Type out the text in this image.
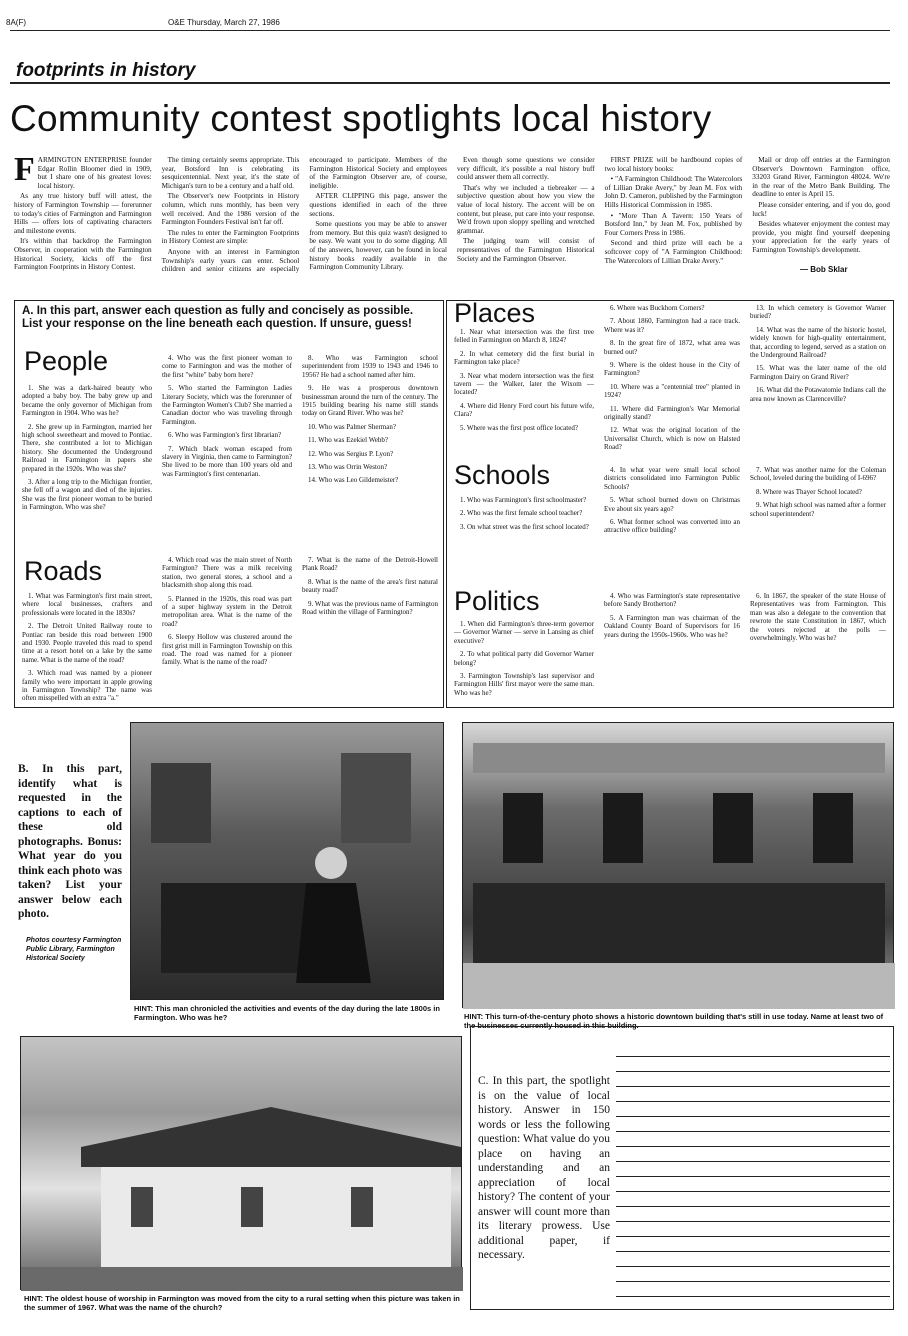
8A(F)	O&E Thursday, March 27, 1986
footprints in history
Community contest spotlights local history

FARMINGTON ENTERPRISE founder Edgar Rollin Bloomer died in 1909, but I share one of his greatest loves: local history.

As any true history buff will attest, the history of Farmington Township — forerunner to today's cities of Farmington and Farmington Hills — offers lots of captivating characters and milestone events.

It's within that backdrop the Farmington Observer, in cooperation with the Farmington Historical Society, kicks off the first Farmington Footprints in History Contest.

The timing certainly seems appropriate. This year, Botsford Inn is celebrating its sesquicentennial. Next year, it's the state of Michigan's turn to be a century and a half old.

The Observer's new Footprints in History column, which runs monthly, has been very well received. And the 1986 version of the Farmington Founders Festival isn't far off.

The rules to enter the Farmington Footprints in History Contest are simple:

Anyone with an interest in Farmington Township's early years can enter. School children and senior citizens are especially encouraged to participate. Members of the Farmington Historical Society and employees of the Farmington Observer are, of course, ineligible.

AFTER CLIPPING this page, answer the questions identified in each of the three sections.

Some questions you may be able to answer from memory. But this quiz wasn't designed to be easy. We want you to do some digging. All of the answers, however, can be found in local history books readily available in the Farmington Community Library.

Even though some questions we consider very difficult, it's possible a real history buff could answer them all correctly.

That's why we included a tiebreaker — a subjective question about how you view the value of local history. The accent will be on content, but please, put care into your response. We'd frown upon sloppy spelling and wretched grammar.

The judging team will consist of representatives of the Farmington Historical Society and the Farmington Observer.

FIRST PRIZE will be hardbound copies of two local history books:

• "A Farmington Childhood: The Watercolors of Lillian Drake Avery," by Jean M. Fox with John D. Cameron, published by the Farmington Hills Historical Commission in 1985.

• "More Than A Tavern: 150 Years of Botsford Inn," by Jean M. Fox, published by Four Corners Press in 1986.

Second and third prize will each be a softcover copy of "A Farmington Childhood: The Watercolors of Lillian Drake Avery."

Mail or drop off entries at the Farmington Observer's Downtown Farmington office, 33203 Grand River, Farmington 48024. We're in the rear of the Metro Bank Building. The deadline to enter is April 15.

Please consider entering, and if you do, good luck!

Besides whatever enjoyment the contest may provide, you might find yourself deepening your appreciation for the early years of Farmington Township's development.

— Bob Sklar
A. In this part, answer each question as fully and concisely as possible. List your response on the line beneath each question. If unsure, guess!
People

1. She was a dark-haired beauty who adopted a baby boy. The baby grew up and became the only governor of Michigan from Farmington in 1904. Who was he?

2. She grew up in Farmington, married her high school sweetheart and moved to Pontiac. There, she contributed a lot to Michigan history. She documented the Underground Railroad in Farmington in papers she prepared in the 1920s. Who was she?

3. After a long trip to the Michigan frontier, she fell off a wagon and died of the injuries. She was the first pioneer woman to be buried in Farmington. Who was she?

4. Who was the first pioneer woman to come to Farmington and was the mother of the first "white" baby born here?

5. Who started the Farmington Ladies Literary Society, which was the forerunner of the Farmington Women's Club? She married a Canadian doctor who was traveling through Farmington.

6. Who was Farmington's first librarian?

7. Which black woman escaped from slavery in Virginia, then came to Farmington? She lived to be more than 100 years old and was Farmington's first centenarian.

8. Who was Farmington school superintendent from 1939 to 1943 and 1946 to 1956? He had a school named after him.

9. He was a prosperous downtown businessman around the turn of the century. The 1915 building bearing his name still stands today on Grand River. Who was he?

10. Who was Palmer Sherman?

11. Who was Ezekiel Webb?

12. Who was Sergius P. Lyon?

13. Who was Orrin Weston?

14. Who was Leo Gildemeister?

Roads

1. What was Farmington's first main street, where local businesses, crafters and professionals were located in the 1830s?

2. The Detroit United Railway route to Pontiac ran beside this road between 1900 and 1930. People traveled this road to spend time at a resort hotel on a lake by the same name. What is the name of the road?

3. Which road was named by a pioneer family who were important in apple growing in Farmington Township? The name was often misspelled with an extra "a."

4. Which road was the main street of North Farmington? There was a milk receiving station, two general stores, a school and a blacksmith shop along this road.

5. Planned in the 1920s, this road was part of a super highway system in the Detroit metropolitan area. What is the name of the road?

6. Sleepy Hollow was clustered around the first grist mill in Farmington Township on this road. The road was named for a pioneer family. What is the name of the road?

7. What is the name of the Detroit-Howell Plank Road?

8. What is the name of the area's first natural beauty road?

9. What was the previous name of Farmington Road within the village of Farmington?

Places

1. Near what intersection was the first tree felled in Farmington on March 8, 1824?

2. In what cemetery did the first burial in Farmington take place?

3. Near what modern intersection was the first tavern — the Walker, later the Wixom — located?

4. Where did Henry Ford court his future wife, Clara?

5. Where was the first post office located?

6. Where was Buckhorn Corners?

7. About 1860, Farmington had a race track. Where was it?

8. In the great fire of 1872, what area was burned out?

9. Where is the oldest house in the City of Farmington?

10. Where was a "centennial tree" planted in 1924?

11. Where did Farmington's War Memorial originally stand?

12. What was the original location of the Universalist Church, which is now on Halsted Road?

13. In which cemetery is Governor Warner buried?

14. What was the name of the historic hostel, widely known for high-quality entertainment, that, according to legend, served as a station on the Underground Railroad?

15. What was the later name of the old Farmington Dairy on Grand River?

16. What did the Potawatomie Indians call the area now known as Clarenceville?

Schools

1. Who was Farmington's first schoolmaster?

2. Who was the first female school teacher?

3. On what street was the first school located?

4. In what year were small local school districts consolidated into Farmington Public Schools?

5. What school burned down on Christmas Eve about six years ago?

6. What former school was converted into an attractive office building?

7. What was another name for the Coleman School, leveled during the building of I-696?

8. Where was Thayer School located?

9. What high school was named after a former school superintendent?

Politics

1. When did Farmington's three-term governor — Governor Warner — serve in Lansing as chief executive?

2. To what political party did Governor Warner belong?

3. Farmington Township's last supervisor and Farmington Hills' first mayor were the same man. Who was he?

4. Who was Farmington's state representative before Sandy Brotherton?

5. A Farmington man was chairman of the Oakland County Board of Supervisors for 16 years during the 1950s-1960s. Who was he?

6. In 1867, the speaker of the state House of Representatives was from Farmington. This man was also a delegate to the convention that rewrote the state Constitution in 1867, which the voters rejected at the polls — overwhelmingly. Who was he?

B. In this part, identify what is requested in the captions to each of these old photographs. Bonus: What year do you think each photo was taken? List your answer below each photo.
Photos courtesy Farmington Public Library, Farmington Historical Society
HINT: This man chronicled the activities and events of the day during the late 1800s in Farmington. Who was he?	HINT: This turn-of-the-century photo shows a historic downtown building that's still in use today. Name at least two of the businesses currently housed in this building.
HINT: The oldest house of worship in Farmington was moved from the city to a rural setting when this picture was taken in the summer of 1967. What was the name of the church?
C. In this part, the spotlight is on the value of local history. Answer in 150 words or less the following question: What value do you place on having an understanding and an appreciation of local history? The content of your answer will count more than its literary prowess. Use additional paper, if necessary.
